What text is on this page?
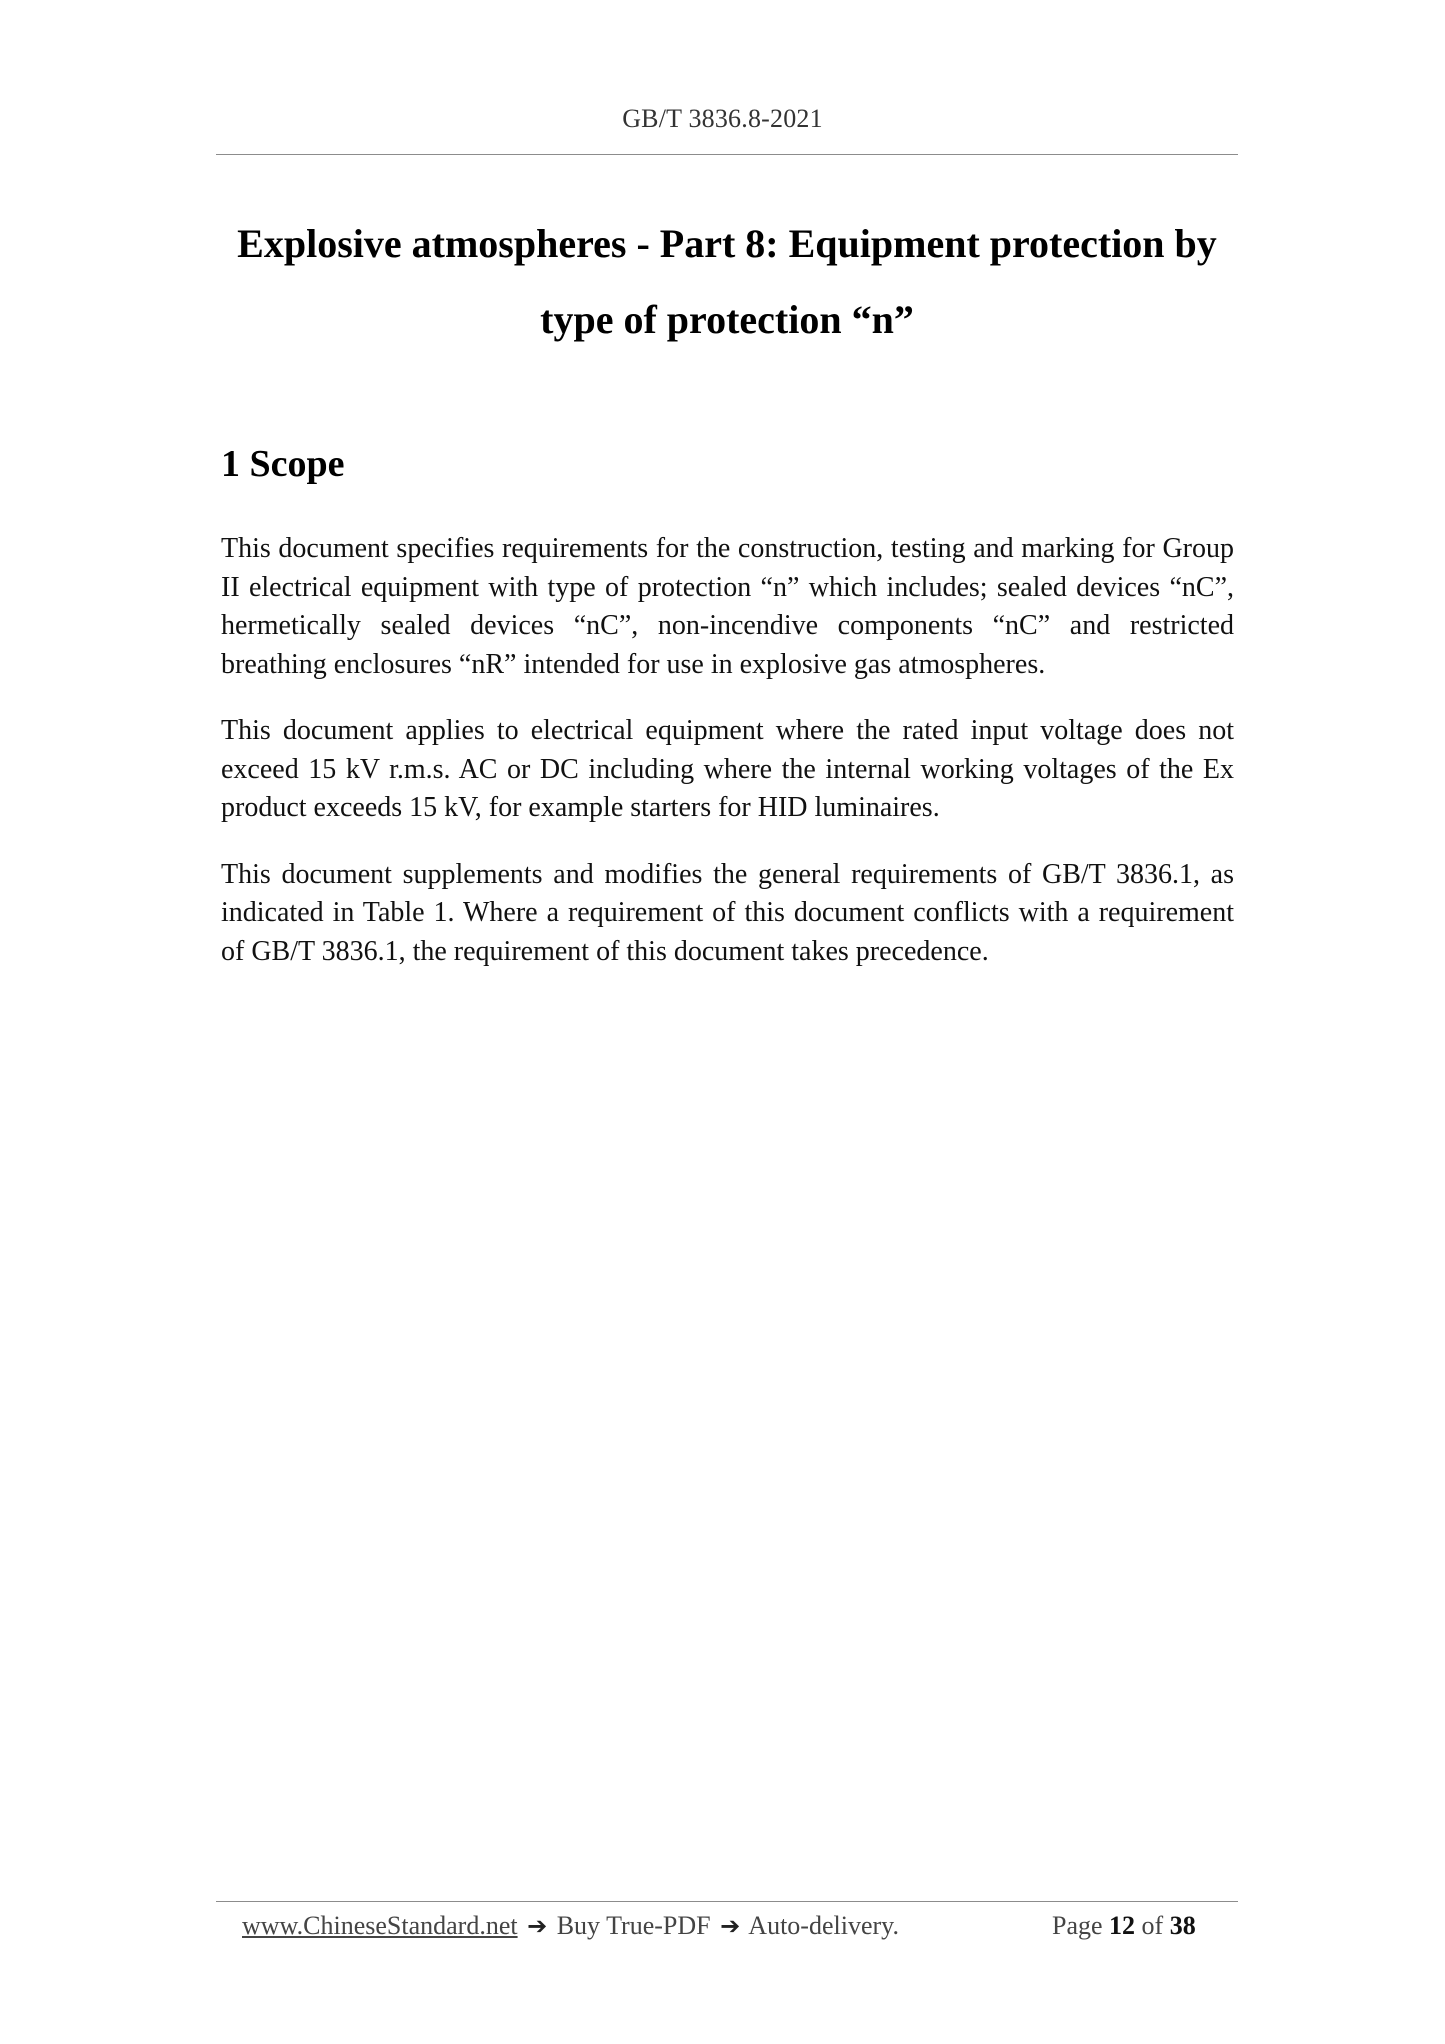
GB/T 3836.8-2021
Explosive atmospheres - Part 8: Equipment protection by
type of protection “n”
1 Scope

This document specifies requirements for the construction, testing and marking for Group II electrical equipment with type of protection “n” which includes; sealed devices “nC”, hermetically sealed devices “nC”, non-incendive components “nC” and restricted breathing enclosures “nR” intended for use in explosive gas atmospheres.

This document applies to electrical equipment where the rated input voltage does not exceed 15 kV r.m.s. AC or DC including where the internal working voltages of the Ex product exceeds 15 kV, for example starters for HID luminaires.

This document supplements and modifies the general requirements of GB/T 3836.1, as indicated in Table 1. Where a requirement of this document conflicts with a requirement of GB/T 3836.1, the requirement of this document takes precedence.

www.ChineseStandard.net ➔ Buy True-PDF ➔ Auto-delivery.	Page 12 of 38
